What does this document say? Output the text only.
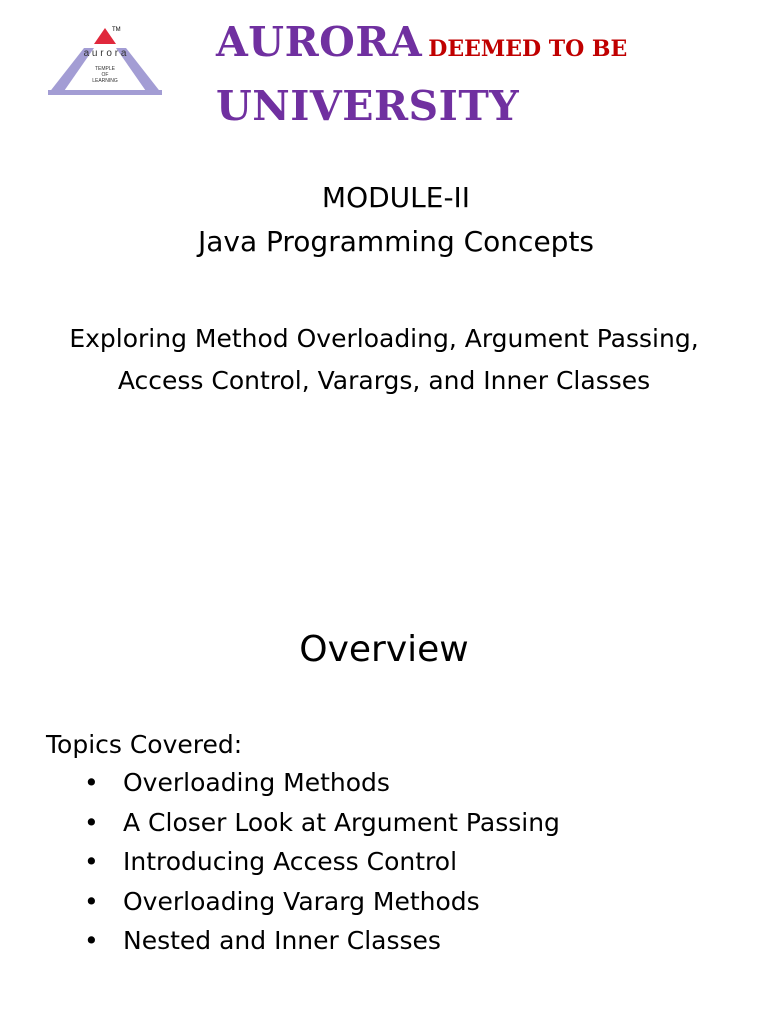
TM
a u r o r a
TEMPLE
OF
LEARNING
AURORA DEEMED TO BE
UNIVERSITY
MODULE-II
Java Programming Concepts
Exploring Method Overloading, Argument Passing,
Access Control, Varargs, and Inner Classes
Overview
Topics Covered:
• Overloading Methods
• A Closer Look at Argument Passing
• Introducing Access Control
• Overloading Vararg Methods
• Nested and Inner Classes
